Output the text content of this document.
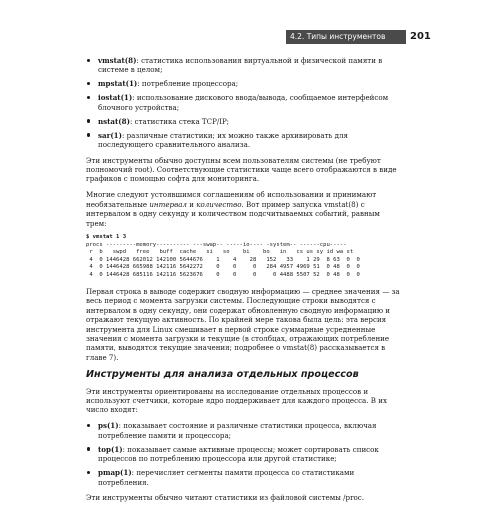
4.2. Типы инструментов	201
vmstat(8): статистика использования виртуальной и физической памяти в системе в целом;
mpstat(1): потребление процессора;
iostat(1): использование дискового ввода/вывода, сообщаемое интерфейсом блочного устройства;
nstat(8): статистика стека TCP/IP;
sar(1): различные статистики; их можно также архивировать для последующего сравнительного анализа.

Эти инструменты обычно доступны всем пользователям системы (не требуют полномочий root). Соответствующие статистики чаще всего отображаются в виде графиков с помощью софта для мониторинга.

Многие следуют устоявшимся соглашениям об использовании и принимают необязательные интервал и количество. Вот пример запуска vmstat(8) с интервалом в одну секунду и количеством подсчитываемых событий, равным трем:

$ vmstat 1 3
procs ---------memory---------- ---swap-- -----io---- -system-- ------cpu-----
r  b   swpd   free   buff  cache   si   so    bi    bo   in   cs us sy id wa st
4  0 1446428 662012 142100 5644676    1    4    28   152   33    1 29  8 63  0  0
4  0 1446428 665988 142116 5642272    0    0     0   284 4957 4969 51  0 48  0  0
4  0 1446428 685116 142116 5623676    0    0     0     0 4488 5507 52  0 48  0  0

Первая строка в выводе содержит сводную информацию — среднее значения — за весь период с момента загрузки системы. Последующие строки выводятся с интервалом в одну секунду, они содержат обновленную сводную информацию и отражают текущую активность. По крайней мере такова была цель: эта версия инструмента для Linux смешивает в первой строке суммарные усредненные значения с момента загрузки и текущие (в столбцах, отражающих потребление памяти, выводятся текущие значения; подробнее о vmstat(8) рассказывается в главе 7).

Инструменты для анализа отдельных процессов

Эти инструменты ориентированы на исследование отдельных процессов и используют счетчики, которые ядро поддерживает для каждого процесса. В их число входят:

ps(1): показывает состояние и различные статистики процесса, включая потребление памяти и процессора;
top(1): показывает самые активные процессы; может сортировать список процессов по потреблению процессора или другой статистике;
pmap(1): перечисляет сегменты памяти процесса со статистиками потребления.

Эти инструменты обычно читают статистики из файловой системы /proc.
